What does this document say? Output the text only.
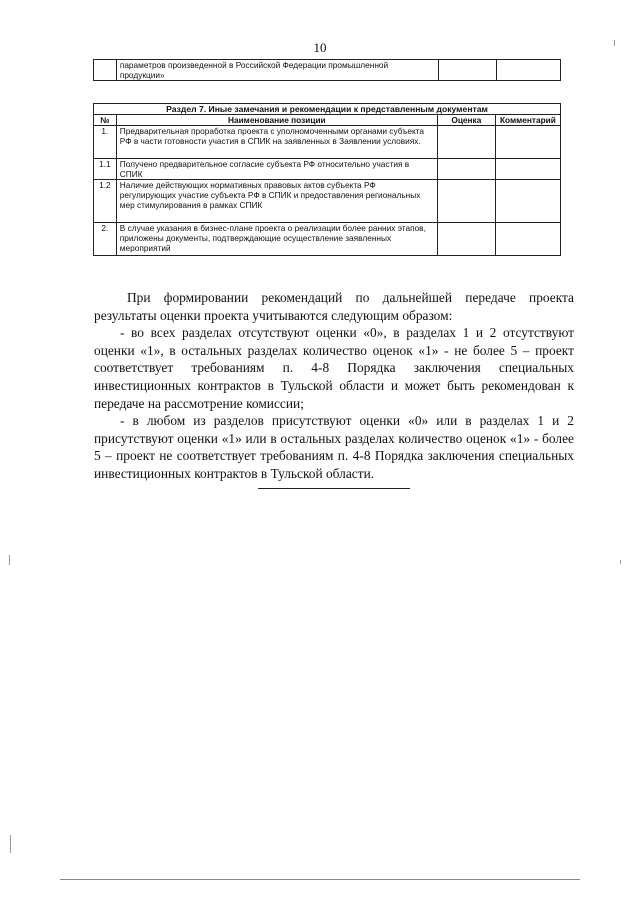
10
	параметров произведенной в Российской Федерации промышленной продукции»		
Раздел 7. Иные замечания и рекомендации к представленным документам			
№	Наименование позиции	Оценка	Комментарий
1.	Предварительная проработка проекта с уполномоченными органами субъекта РФ в части готовности участия в СПИК на заявленных в Заявлении условиях.		
1.1	Получено предварительное согласие субъекта РФ относительно участия в СПИК		
1.2	Наличие действующих нормативных правовых актов субъекта РФ регулирующих участие субъекта РФ в СПИК и предоставления региональных мер стимулирования в рамках СПИК		
2.	В случае указания в бизнес-плане проекта о реализации более ранних этапов, приложены документы, подтверждающие осуществление заявленных мероприятий		

При формировании рекомендаций по дальнейшей передаче проекта результаты оценки проекта учитываются следующим образом:

- во всех разделах отсутствуют оценки «0», в разделах 1 и 2 отсутствуют оценки «1», в остальных разделах количество оценок «1» - не более 5 – проект соответствует требованиям п. 4-8 Порядка заключения специальных инвестиционных контрактов в Тульской области и может быть рекомендован к передаче на рассмотрение комиссии;

- в любом из разделов присутствуют оценки «0» или в разделах 1 и 2 присутствуют оценки «1» или в остальных разделах количество оценок «1» - более 5 – проект не соответствует требованиям п. 4-8 Порядка заключения специальных инвестиционных контрактов в Тульской области.
